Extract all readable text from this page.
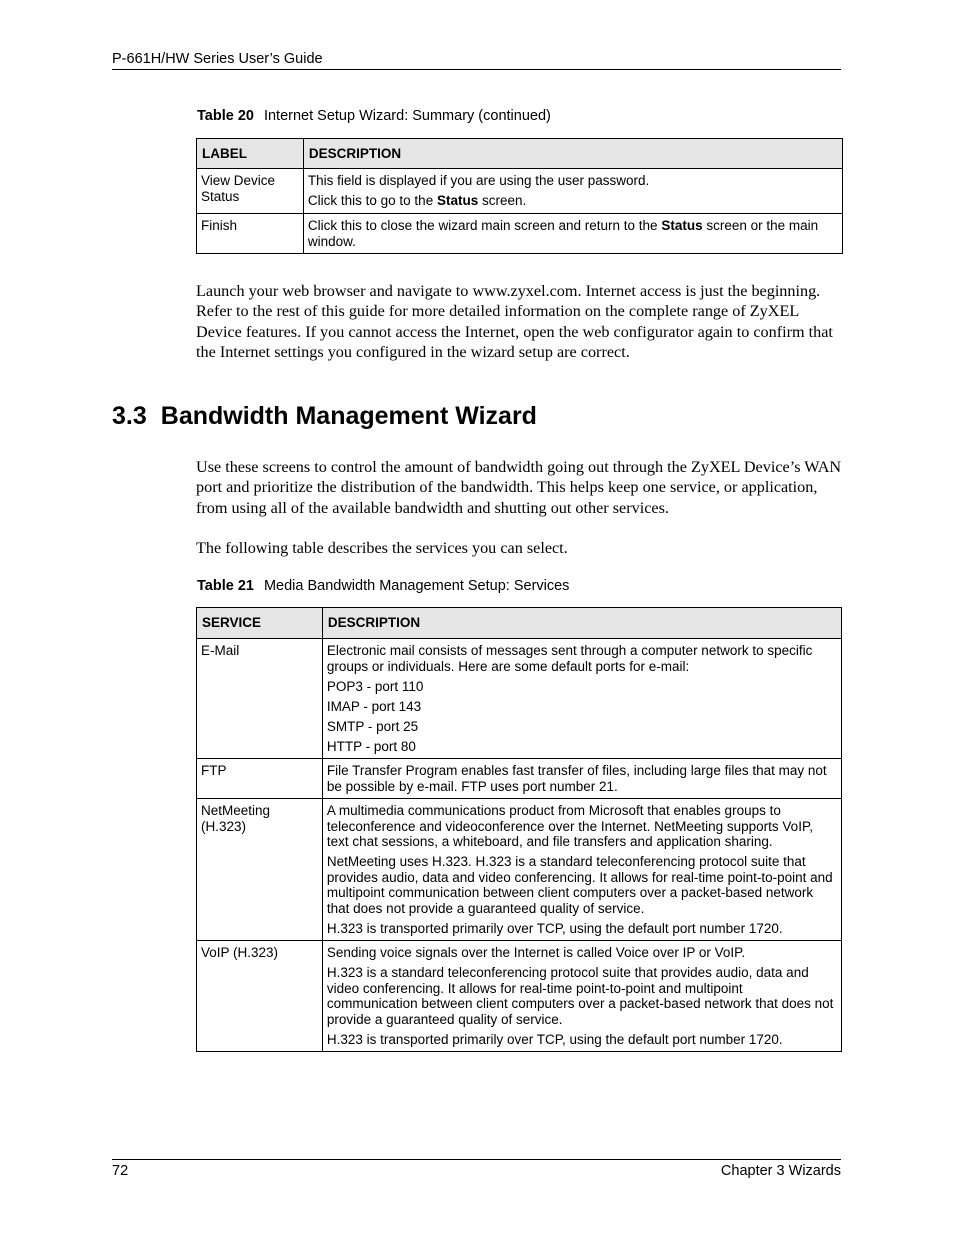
P-661H/HW Series User’s Guide
Table 20 Internet Setup Wizard: Summary (continued)
LABEL	DESCRIPTION
View Device Status	This field is displayed if you are using the user password.

Click this to go to the Status screen.

Finish	Click this to close the wizard main screen and return to the Status screen or the main window.

Launch your web browser and navigate to www.zyxel.com. Internet access is just the beginning. Refer to the rest of this guide for more detailed information on the complete range of ZyXEL Device features. If you cannot access the Internet, open the web configurator again to confirm that the Internet settings you configured in the wizard setup are correct.

3.3 Bandwidth Management Wizard

Use these screens to control the amount of bandwidth going out through the ZyXEL Device’s WAN port and prioritize the distribution of the bandwidth. This helps keep one service, or application, from using all of the available bandwidth and shutting out other services.

The following table describes the services you can select.

Table 21 Media Bandwidth Management Setup: Services
SERVICE	DESCRIPTION
E-Mail	Electronic mail consists of messages sent through a computer network to specific groups or individuals. Here are some default ports for e-mail:

POP3 - port 110

IMAP - port 143

SMTP - port 25

HTTP - port 80

FTP	File Transfer Program enables fast transfer of files, including large files that may not be possible by e-mail. FTP uses port number 21.

NetMeeting (H.323)	A multimedia communications product from Microsoft that enables groups to teleconference and videoconference over the Internet. NetMeeting supports VoIP, text chat sessions, a whiteboard, and file transfers and application sharing.

NetMeeting uses H.323. H.323 is a standard teleconferencing protocol suite that provides audio, data and video conferencing. It allows for real-time point-to-point and multipoint communication between client computers over a packet-based network that does not provide a guaranteed quality of service.

H.323 is transported primarily over TCP, using the default port number 1720.

VoIP (H.323)	Sending voice signals over the Internet is called Voice over IP or VoIP.

H.323 is a standard teleconferencing protocol suite that provides audio, data and video conferencing. It allows for real-time point-to-point and multipoint communication between client computers over a packet-based network that does not provide a guaranteed quality of service.

H.323 is transported primarily over TCP, using the default port number 1720.

72	Chapter 3 Wizards
